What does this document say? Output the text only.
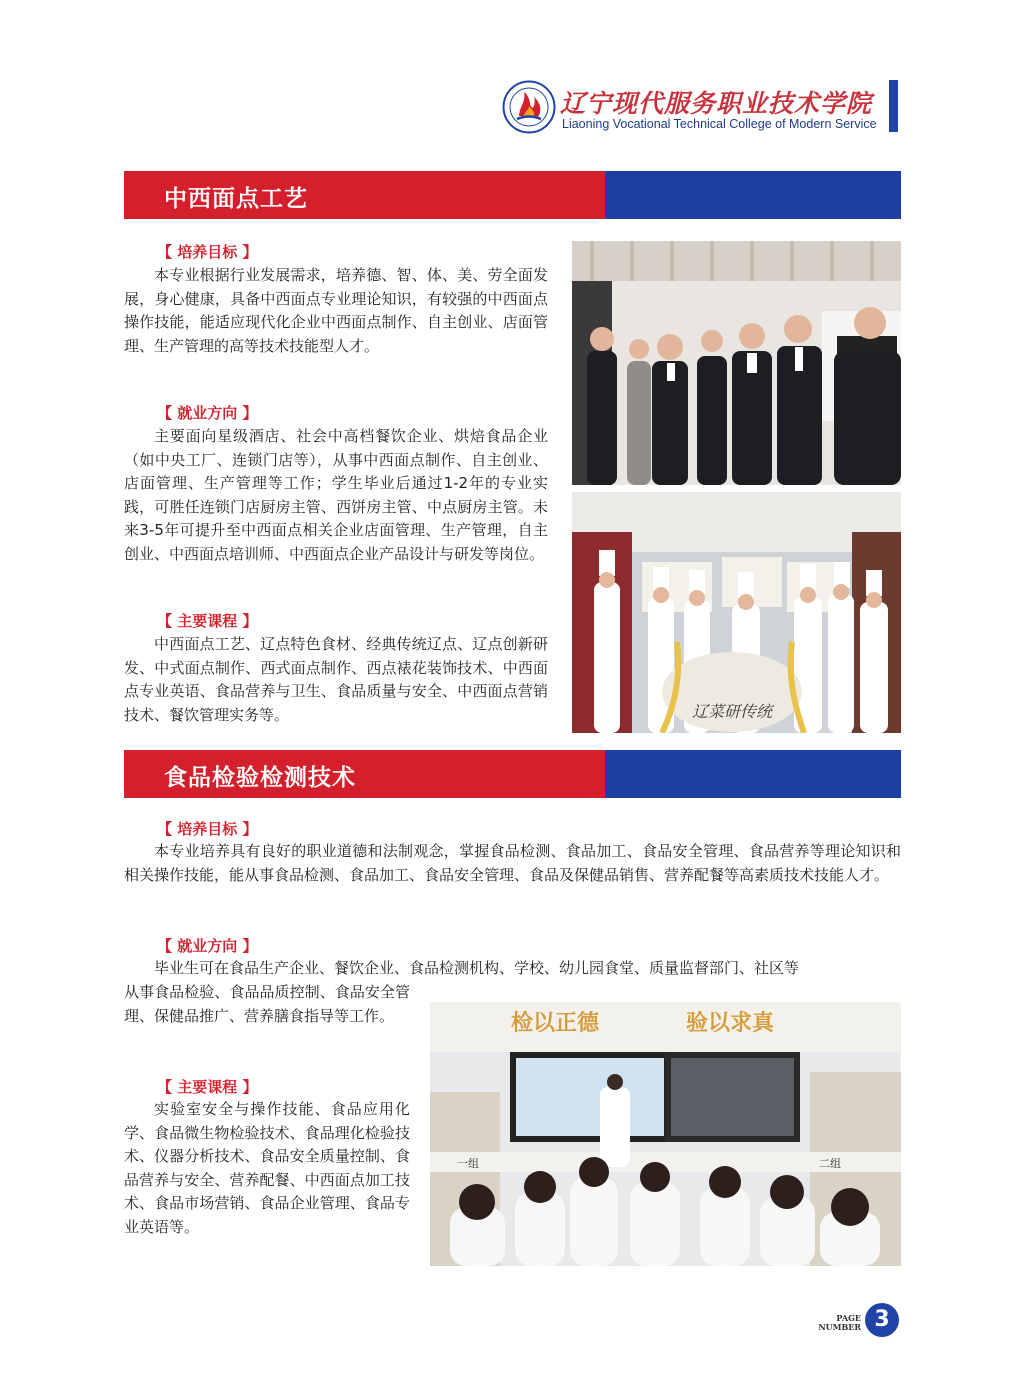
辽宁现代服务职业技术学院
Liaoning Vocational Technical College of Modern Service
中西面点工艺
【 培养目标 】

本专业根据行业发展需求，培养德、智、体、美、劳全面发展，身心健康，具备中西面点专业理论知识，有较强的中西面点操作技能，能适应现代化企业中西面点制作、自主创业、店面管理、生产管理的高等技术技能型人才。

【 就业方向 】

主要面向星级酒店、社会中高档餐饮企业、烘焙食品企业（如中央工厂、连锁门店等），从事中西面点制作、自主创业、店面管理、生产管理等工作；学生毕业后通过1-2年的专业实践，可胜任连锁门店厨房主管、西饼房主管、中点厨房主管。未来3-5年可提升至中西面点相关企业店面管理、生产管理，自主创业、中西面点培训师、中西面点企业产品设计与研发等岗位。

【 主要课程 】

中西面点工艺、辽点特色食材、经典传统辽点、辽点创新研发、中式面点制作、西式面点制作、西点裱花装饰技术、中西面点专业英语、食品营养与卫生、食品质量与安全、中西面点营销技术、餐饮管理实务等。	辽菜研传统
食品检验检测技术
【 培养目标 】

本专业培养具有良好的职业道德和法制观念，掌握食品检测、食品加工、食品安全管理、食品营养等理论知识和相关操作技能，能从事食品检测、食品加工、食品安全管理、食品及保健品销售、营养配餐等高素质技术技能人才。

【 就业方向 】

毕业生可在食品生产企业、餐饮企业、食品检测机构、学校、幼儿园食堂、质量监督部门、社区等

从事食品检验、食品品质控制、食品安全管理、保健品推广、营养膳食指导等工作。

【 主要课程 】

实验室安全与操作技能、食品应用化学、食品微生物检验技术、食品理化检验技术、仪器分析技术、食品安全质量控制、食品营养与安全、营养配餐、中西面点加工技术、食品市场营销、食品企业管理、食品专业英语等。

检以正德	验以求真
一组	二组
PAGE
NUMBER 3
